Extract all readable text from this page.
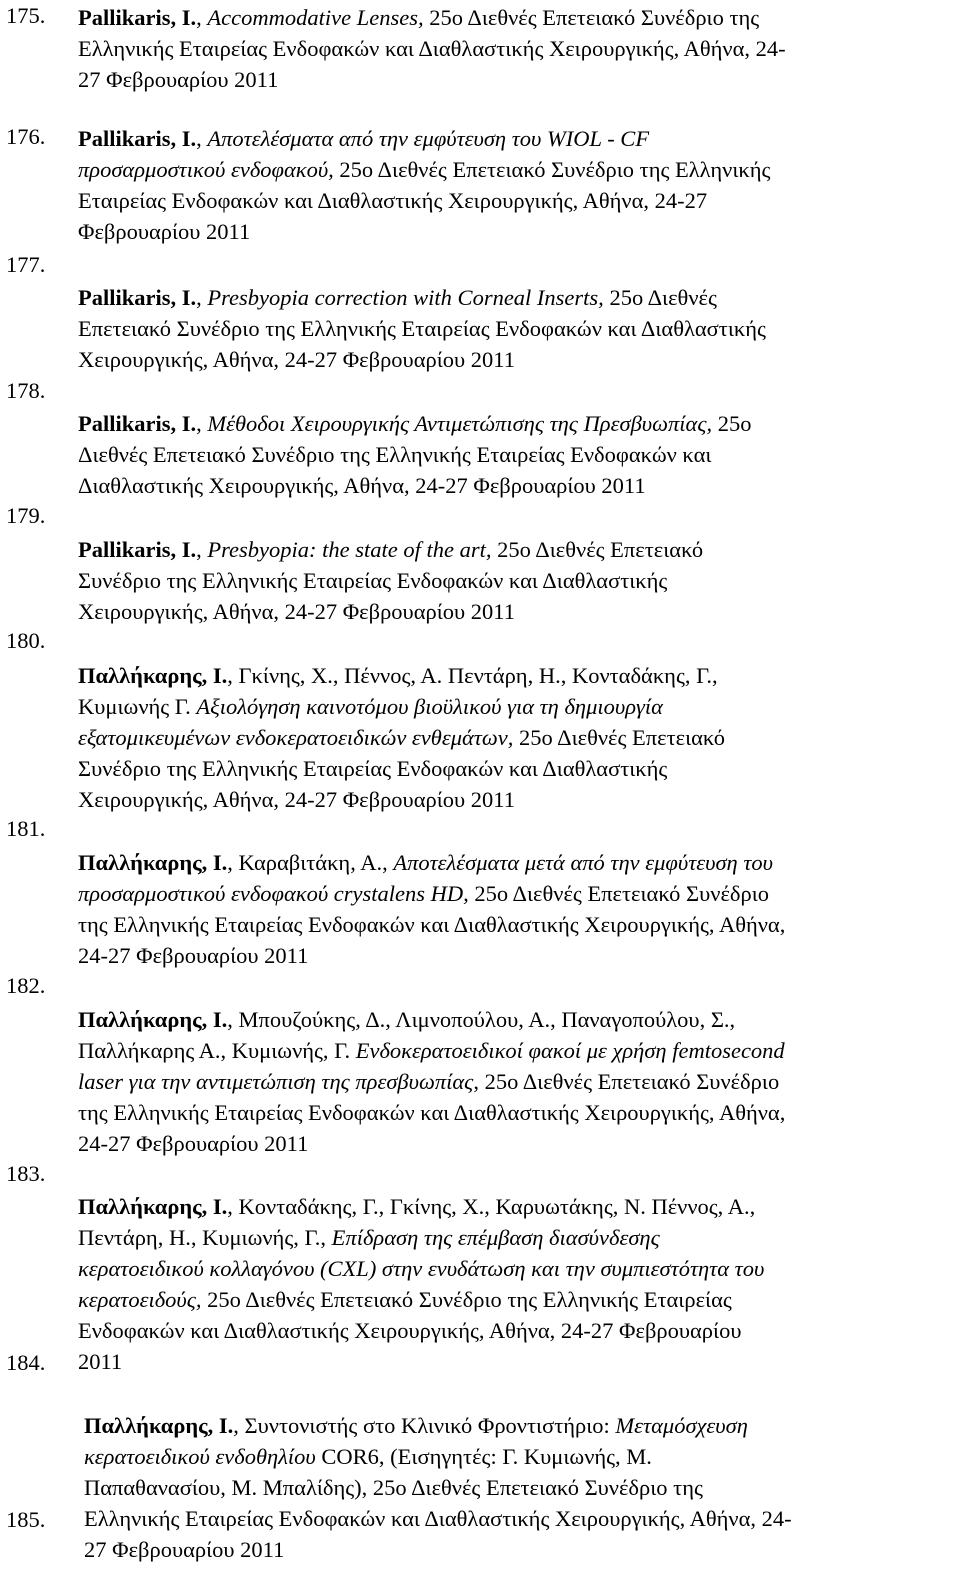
175.
176.
177.
178.
179.
180.
181.
182.
183.
184.
185.
Pallikaris, I., Accommodative Lenses, 25ο Διεθνές Επετειακό Συνέδριο της
Ελληνικής Εταιρείας Ενδοφακών και Διαθλαστικής Χειρουργικής, Αθήνα, 24-
27 Φεβρουαρίου 2011
Pallikaris, I., Αποτελέσματα από την εμφύτευση του WIOL - CF
προσαρμοστικού ενδοφακού, 25ο Διεθνές Επετειακό Συνέδριο της Ελληνικής
Εταιρείας Ενδοφακών και Διαθλαστικής Χειρουργικής, Αθήνα, 24-27
Φεβρουαρίου 2011
Pallikaris, I., Presbyopia correction with Corneal Inserts, 25ο Διεθνές
Επετειακό Συνέδριο της Ελληνικής Εταιρείας Ενδοφακών και Διαθλαστικής
Χειρουργικής, Αθήνα, 24-27 Φεβρουαρίου 2011
Pallikaris, I., Μέθοδοι Χειρουργικής Αντιμετώπισης της Πρεσβυωπίας, 25ο
Διεθνές Επετειακό Συνέδριο της Ελληνικής Εταιρείας Ενδοφακών και
Διαθλαστικής Χειρουργικής, Αθήνα, 24-27 Φεβρουαρίου 2011
Pallikaris, I., Presbyopia: the state of the art, 25ο Διεθνές Επετειακό
Συνέδριο της Ελληνικής Εταιρείας Ενδοφακών και Διαθλαστικής
Χειρουργικής, Αθήνα, 24-27 Φεβρουαρίου 2011
Παλλήκαρης, Ι., Γκίνης, Χ., Πέννος, Α. Πεντάρη, Η., Κονταδάκης, Γ.,
Κυμιωνής Γ. Αξιολόγηση καινοτόμου βιοϋλικού για τη δημιουργία
εξατομικευμένων ενδοκερατοειδικών ενθεμάτων, 25ο Διεθνές Επετειακό
Συνέδριο της Ελληνικής Εταιρείας Ενδοφακών και Διαθλαστικής
Χειρουργικής, Αθήνα, 24-27 Φεβρουαρίου 2011
Παλλήκαρης, Ι., Καραβιτάκη, Α., Αποτελέσματα μετά από την εμφύτευση του
προσαρμοστικού ενδοφακού crystalens HD, 25ο Διεθνές Επετειακό Συνέδριο
της Ελληνικής Εταιρείας Ενδοφακών και Διαθλαστικής Χειρουργικής, Αθήνα,
24-27 Φεβρουαρίου 2011
Παλλήκαρης, Ι., Μπουζούκης, Δ., Λιμνοπούλου, Α., Παναγοπούλου, Σ.,
Παλλήκαρης Α., Κυμιωνής, Γ. Ενδοκερατοειδικοί φακοί με χρήση femtosecond
laser για την αντιμετώπιση της πρεσβυωπίας, 25ο Διεθνές Επετειακό Συνέδριο
της Ελληνικής Εταιρείας Ενδοφακών και Διαθλαστικής Χειρουργικής, Αθήνα,
24-27 Φεβρουαρίου 2011
Παλλήκαρης, Ι., Κονταδάκης, Γ., Γκίνης, Χ., Καρυωτάκης, Ν. Πέννος, Α.,
Πεντάρη, Η., Κυμιωνής, Γ., Επίδραση της επέμβαση διασύνδεσης
κερατοειδικού κολλαγόνου (CXL) στην ενυδάτωση και την συμπιεστότητα του
κερατοειδούς, 25ο Διεθνές Επετειακό Συνέδριο της Ελληνικής Εταιρείας
Ενδοφακών και Διαθλαστικής Χειρουργικής, Αθήνα, 24-27 Φεβρουαρίου
2011
Παλλήκαρης, Ι., Συντονιστής στο Κλινικό Φροντιστήριο: Μεταμόσχευση
κερατοειδικού ενδοθηλίου COR6, (Εισηγητές: Γ. Κυμιωνής, Μ.
Παπαθανασίου, Μ. Μπαλίδης), 25ο Διεθνές Επετειακό Συνέδριο της
Ελληνικής Εταιρείας Ενδοφακών και Διαθλαστικής Χειρουργικής, Αθήνα, 24-
27 Φεβρουαρίου 2011
